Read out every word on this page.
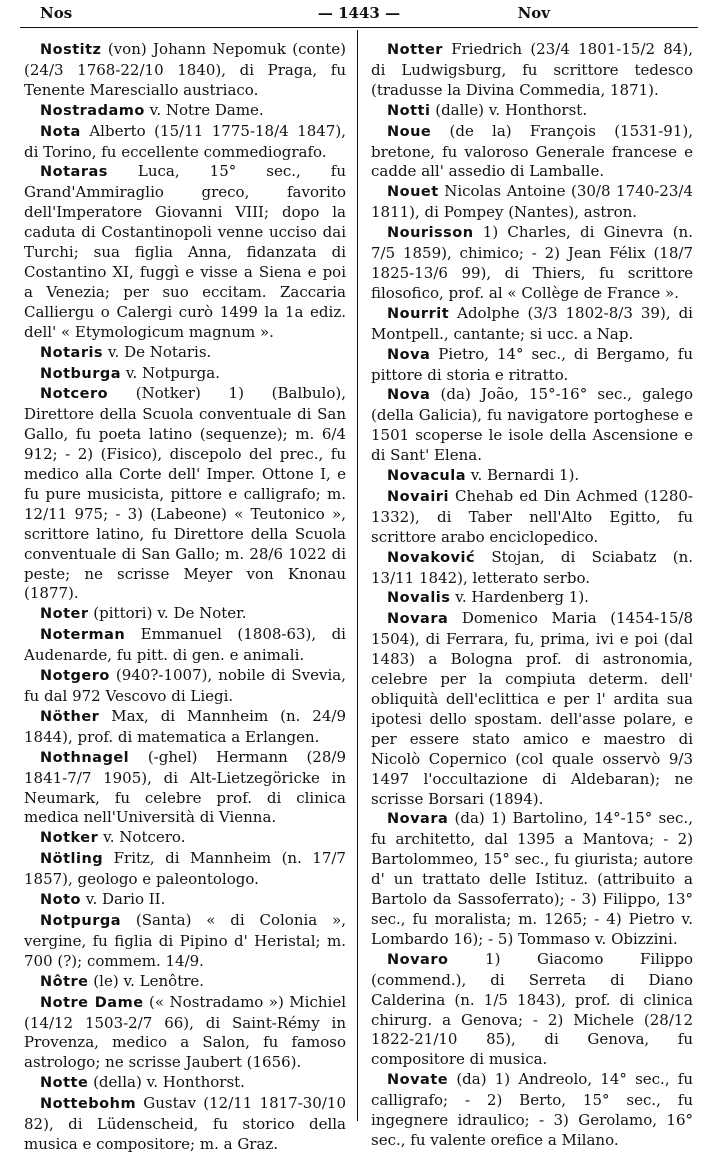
Nos	— 1443 —	Nov

Nostitz (von) Johann Nepomuk (conte) (24/3 1768-22/10 1840), di Praga, fu Tenente Maresciallo austriaco.

Nostradamo v. Notre Dame.

Nota Alberto (15/11 1775-18/4 1847), di Torino, fu eccellente commediografo.

Notaras Luca, 15° sec., fu Grand'Ammiraglio greco, favorito dell'Imperatore Giovanni VIII; dopo la caduta di Costantinopoli venne ucciso dai Turchi; sua figlia Anna, fidanzata di Costantino XI, fuggì e visse a Siena e poi a Venezia; per suo eccitam. Zaccaria Calliergu o Calergi curò 1499 la 1a ediz. dell' « Etymologicum magnum ».

Notaris v. De Notaris.

Notburga v. Notpurga.

Notcero (Notker) 1) (Balbulo), Direttore della Scuola conventuale di San Gallo, fu poeta latino (sequenze); m. 6/4 912; - 2) (Fisico), discepolo del prec., fu medico alla Corte dell' Imper. Ottone I, e fu pure musicista, pittore e calligrafo; m. 12/11 975; - 3) (Labeone) « Teutonico », scrittore latino, fu Direttore della Scuola conventuale di San Gallo; m. 28/6 1022 di peste; ne scrisse Meyer von Knonau (1877).

Noter (pittori) v. De Noter.

Noterman Emmanuel (1808-63), di Audenarde, fu pitt. di gen. e animali.

Notgero (940?-1007), nobile di Svevia, fu dal 972 Vescovo di Liegi.

Nöther Max, di Mannheim (n. 24/9 1844), prof. di matematica a Erlangen.

Nothnagel (-ghel) Hermann (28/9 1841-7/7 1905), di Alt-Lietzegöricke in Neumark, fu celebre prof. di clinica medica nell'Università di Vienna.

Notker v. Notcero.

Nötling Fritz, di Mannheim (n. 17/7 1857), geologo e paleontologo.

Noto v. Dario II.

Notpurga (Santa) « di Colonia », vergine, fu figlia di Pipino d' Heristal; m. 700 (?); commem. 14/9.

Nôtre (le) v. Lenôtre.

Notre Dame (« Nostradamo ») Michiel (14/12 1503-2/7 66), di Saint-Rémy in Provenza, medico a Salon, fu famoso astrologo; ne scrisse Jaubert (1656).

Notte (della) v. Honthorst.

Nottebohm Gustav (12/11 1817-30/10 82), di Lüdenscheid, fu storico della musica e compositore; m. a Graz.

Notter Friedrich (23/4 1801-15/2 84), di Ludwigsburg, fu scrittore tedesco (tradusse la Divina Commedia, 1871).

Notti (dalle) v. Honthorst.

Noue (de la) François (1531-91), bretone, fu valoroso Generale francese e cadde all' assedio di Lamballe.

Nouet Nicolas Antoine (30/8 1740-23/4 1811), di Pompey (Nantes), astron.

Nourisson 1) Charles, di Ginevra (n. 7/5 1859), chimico; - 2) Jean Félix (18/7 1825-13/6 99), di Thiers, fu scrittore filosofico, prof. al « Collège de France ».

Nourrit Adolphe (3/3 1802-8/3 39), di Montpell., cantante; si ucc. a Nap.

Nova Pietro, 14° sec., di Bergamo, fu pittore di storia e ritratto.

Nova (da) João, 15°-16° sec., galego (della Galicia), fu navigatore portoghese e 1501 scoperse le isole della Ascensione e di Sant' Elena.

Novacula v. Bernardi 1).

Novairi Chehab ed Din Achmed (1280-1332), di Taber nell'Alto Egitto, fu scrittore arabo enciclopedico.

Novaković Stojan, di Sciabatz (n. 13/11 1842), letterato serbo.

Novalis v. Hardenberg 1).

Novara Domenico Maria (1454-15/8 1504), di Ferrara, fu, prima, ivi e poi (dal 1483) a Bologna prof. di astronomia, celebre per la compiuta determ. dell' obliquità dell'eclittica e per l' ardita sua ipotesi dello spostam. dell'asse polare, e per essere stato amico e maestro di Nicolò Copernico (col quale osservò 9/3 1497 l'occultazione di Aldebaran); ne scrisse Borsari (1894).

Novara (da) 1) Bartolino, 14°-15° sec., fu architetto, dal 1395 a Mantova; - 2) Bartolommeo, 15° sec., fu giurista; autore d' un trattato delle Istituz. (attribuito a Bartolo da Sassoferrato); - 3) Filippo, 13° sec., fu moralista; m. 1265; - 4) Pietro v. Lombardo 16); - 5) Tommaso v. Obizzini.

Novaro 1) Giacomo Filippo (commend.), di Serreta di Diano Calderina (n. 1/5 1843), prof. di clinica chirurg. a Genova; - 2) Michele (28/12 1822-21/10 85), di Genova, fu compositore di musica.

Novate (da) 1) Andreolo, 14° sec., fu calligrafo; - 2) Berto, 15° sec., fu ingegnere idraulico; - 3) Gerolamo, 16° sec., fu valente orefice a Milano.
